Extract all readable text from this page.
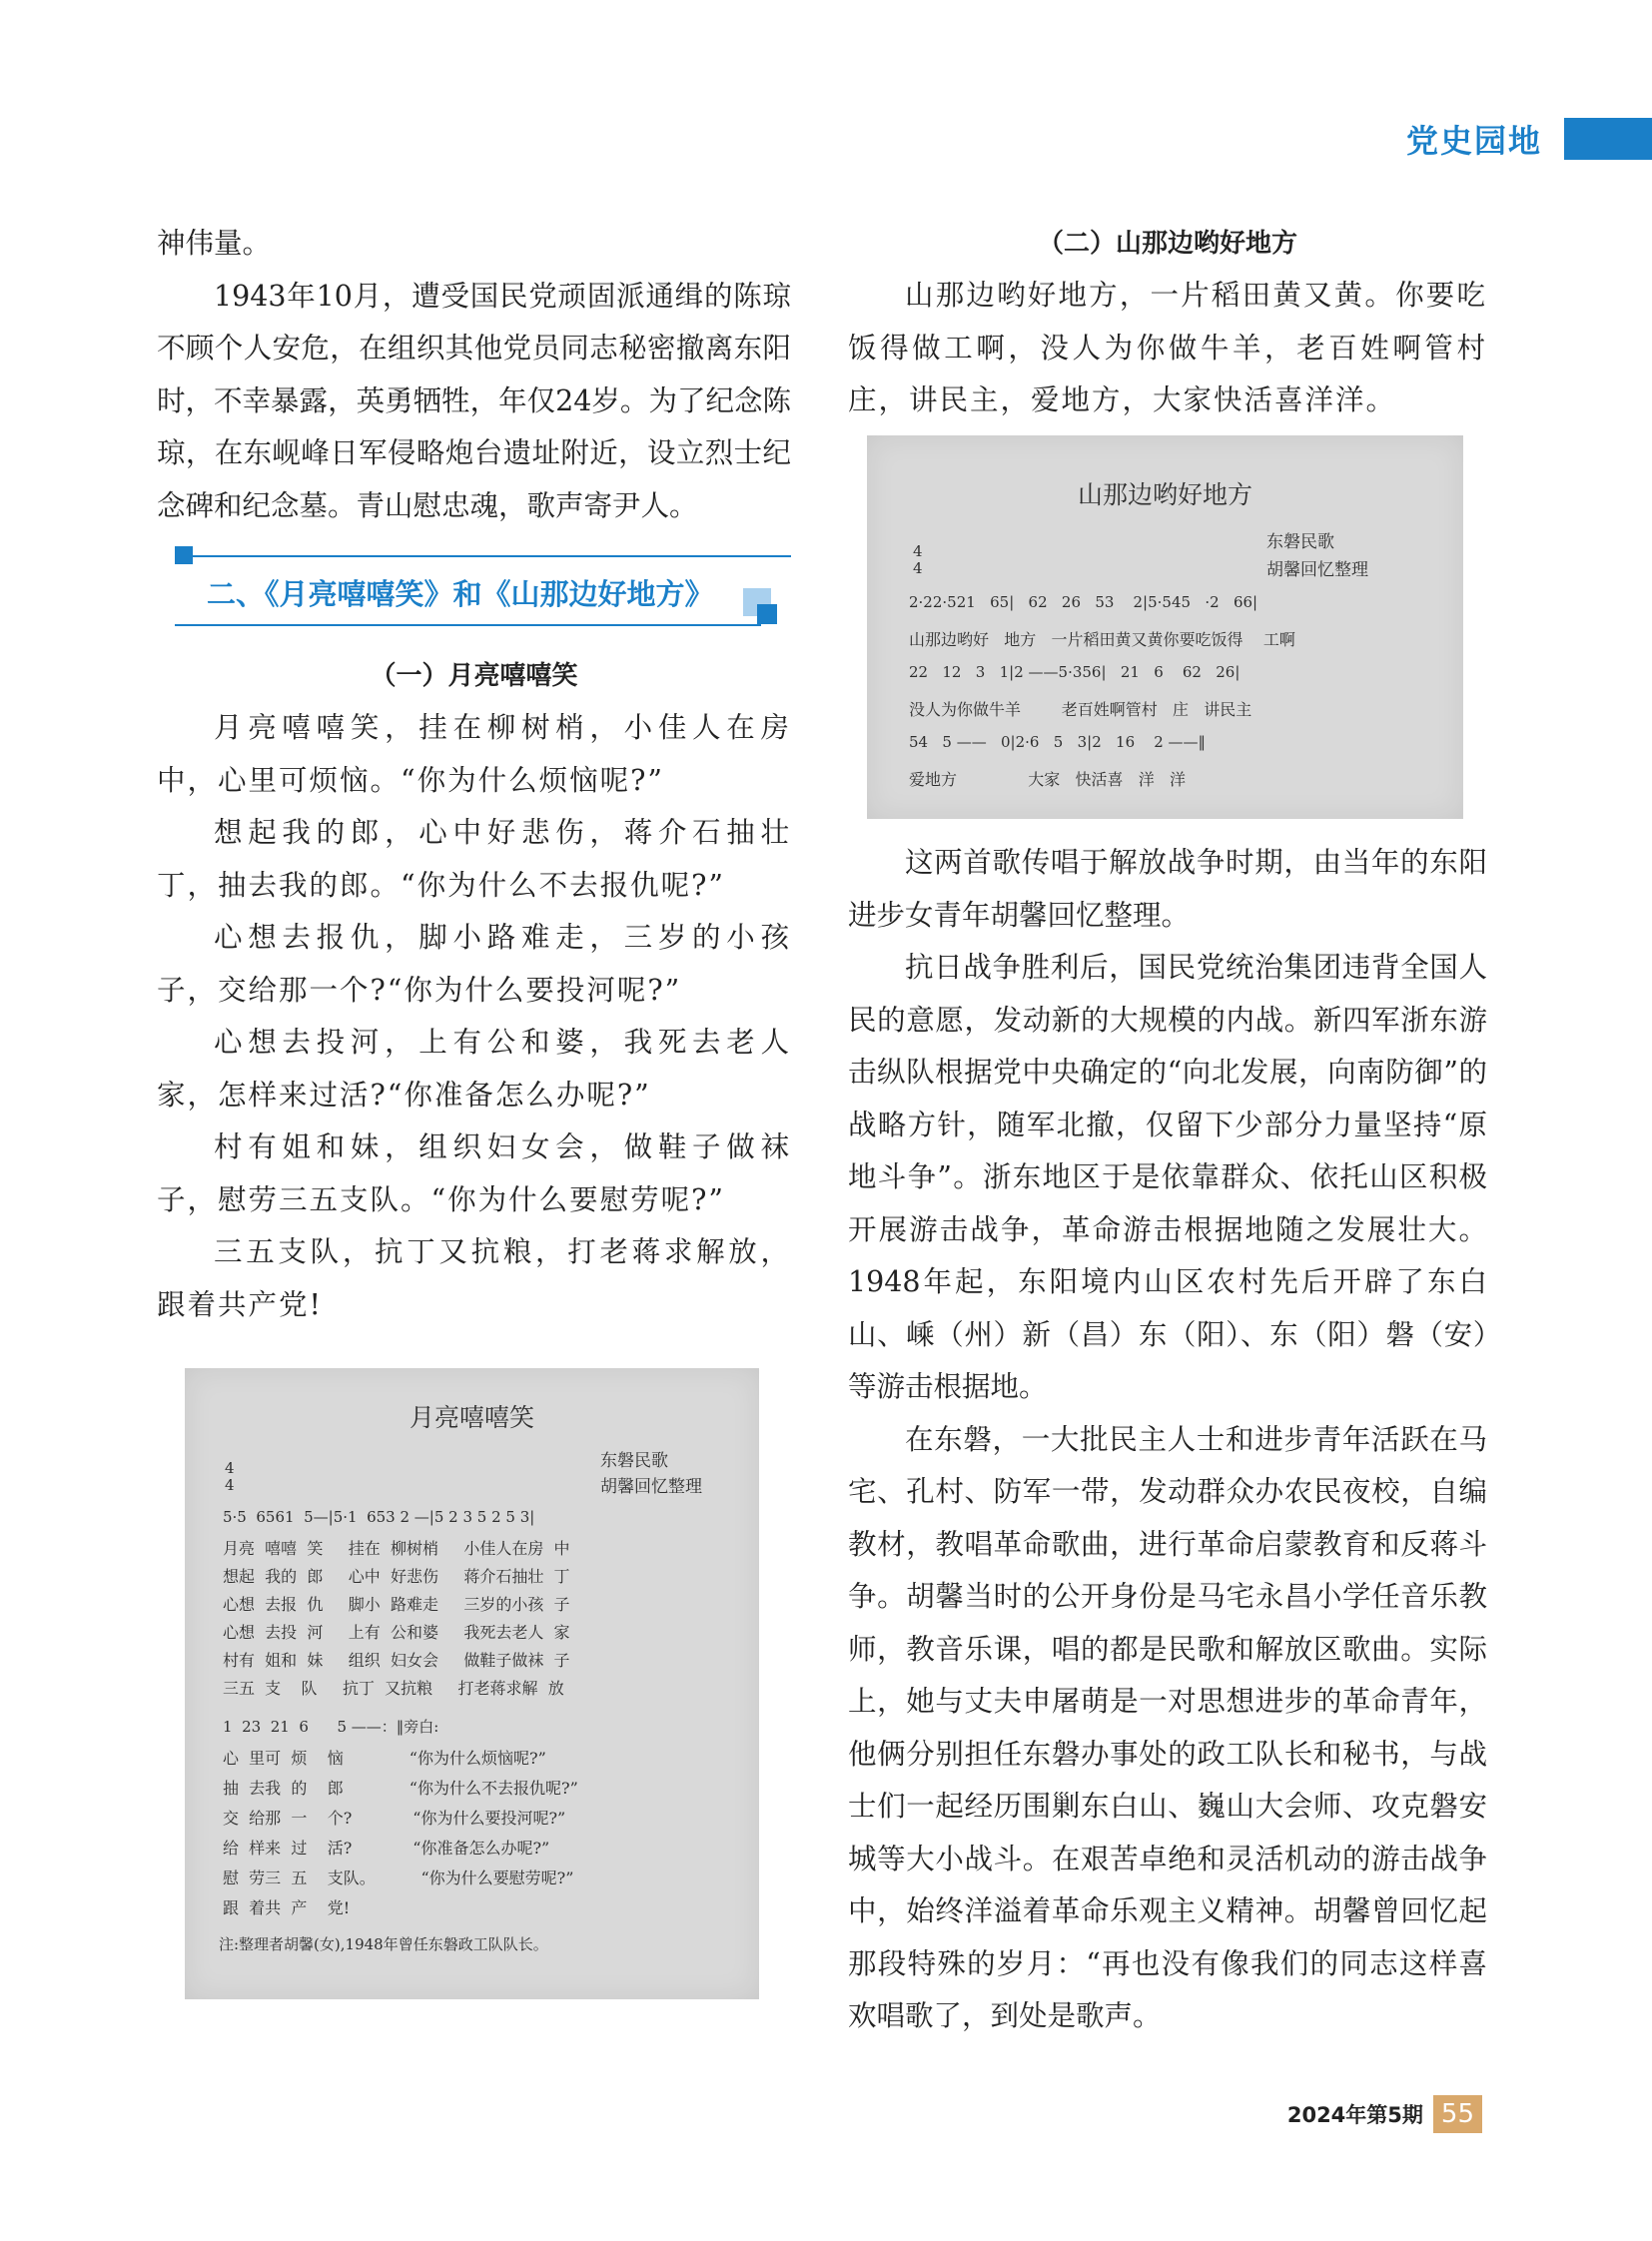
党史园地

神伟量。

1943年10月，遭受国民党顽固派通缉的陈琼不顾个人安危，在组织其他党员同志秘密撤离东阳时，不幸暴露，英勇牺牲，年仅24岁。为了纪念陈琼，在东岘峰日军侵略炮台遗址附近，设立烈士纪念碑和纪念墓。青山慰忠魂，歌声寄尹人。

二、《月亮嘻嘻笑》和《山那边好地方》

（一）月亮嘻嘻笑

月亮嘻嘻笑，挂在柳树梢，小佳人在房中，心里可烦恼。“你为什么烦恼呢?”

想起我的郎，心中好悲伤，蒋介石抽壮丁，抽去我的郎。“你为什么不去报仇呢?”

心想去报仇，脚小路难走，三岁的小孩子，交给那一个?“你为什么要投河呢?”

心想去投河，上有公和婆，我死去老人家，怎样来过活?“你准备怎么办呢?”

村有姐和妹，组织妇女会，做鞋子做袜子，慰劳三五支队。“你为什么要慰劳呢?”

三五支队，抗丁又抗粮，打老蒋求解放，跟着共产党!

月亮嘻嘻笑
东磐民歌
胡馨回忆整理
4
4
5·5  6561  5—|5·1  653 2 —|5 2 3 5 2 5 3|
月亮  嘻嘻  笑     挂在  柳树梢     小佳人在房  中
想起  我的  郎     心中  好悲伤     蒋介石抽壮  丁
心想  去报  仇     脚小  路难走     三岁的小孩  子
心想  去投  河     上有  公和婆     我死去老人  家
村有  姐和  妹     组织  妇女会     做鞋子做袜  子
三五  支    队     抗丁  又抗粮     打老蒋求解  放
1  23  21  6      5 ——：‖旁白:
心  里可  烦    恼             “你为什么烦恼呢?”
抽  去我  的    郎             “你为什么不去报仇呢?”
交  给那  一    个?            “你为什么要投河呢?”
给  样来  过    活?            “你准备怎么办呢?”
慰  劳三  五    支队。         “你为什么要慰劳呢?”
跟  着共  产    党!
注:整理者胡馨(女),1948年曾任东磐政工队队长。

（二）山那边哟好地方

山那边哟好地方，一片稻田黄又黄。你要吃饭得做工啊，没人为你做牛羊，老百姓啊管村庄，讲民主，爱地方，大家快活喜洋洋。

山那边哟好地方
东磐民歌
胡馨回忆整理
4
4
2·22·521   65|   62   26   53    2|5·545   ·2   66|
山那边哟好   地方   一片稻田黄又黄你要吃饭得    工啊
22   12   3   1|2 ——5·356|   21   6    62   26|
没人为你做牛羊        老百姓啊管村   庄   讲民主
54   5 ——   0|2·6   5   3|2   16    2 ——‖
爱地方              大家   快活喜   洋   洋

这两首歌传唱于解放战争时期，由当年的东阳进步女青年胡馨回忆整理。

抗日战争胜利后，国民党统治集团违背全国人民的意愿，发动新的大规模的内战。新四军浙东游击纵队根据党中央确定的“向北发展，向南防御”的战略方针，随军北撤，仅留下少部分力量坚持“原地斗争”。浙东地区于是依靠群众、依托山区积极开展游击战争，革命游击根据地随之发展壮大。1948年起，东阳境内山区农村先后开辟了东白山、嵊（州）新（昌）东（阳）、东（阳）磐（安）等游击根据地。

在东磐，一大批民主人士和进步青年活跃在马宅、孔村、防军一带，发动群众办农民夜校，自编教材，教唱革命歌曲，进行革命启蒙教育和反蒋斗争。胡馨当时的公开身份是马宅永昌小学任音乐教师，教音乐课，唱的都是民歌和解放区歌曲。实际上，她与丈夫申屠萌是一对思想进步的革命青年，他俩分别担任东磐办事处的政工队长和秘书，与战士们一起经历围剿东白山、巍山大会师、攻克磐安城等大小战斗。在艰苦卓绝和灵活机动的游击战争中，始终洋溢着革命乐观主义精神。胡馨曾回忆起那段特殊的岁月：“再也没有像我们的同志这样喜欢唱歌了，到处是歌声。

2024年第5期 55
